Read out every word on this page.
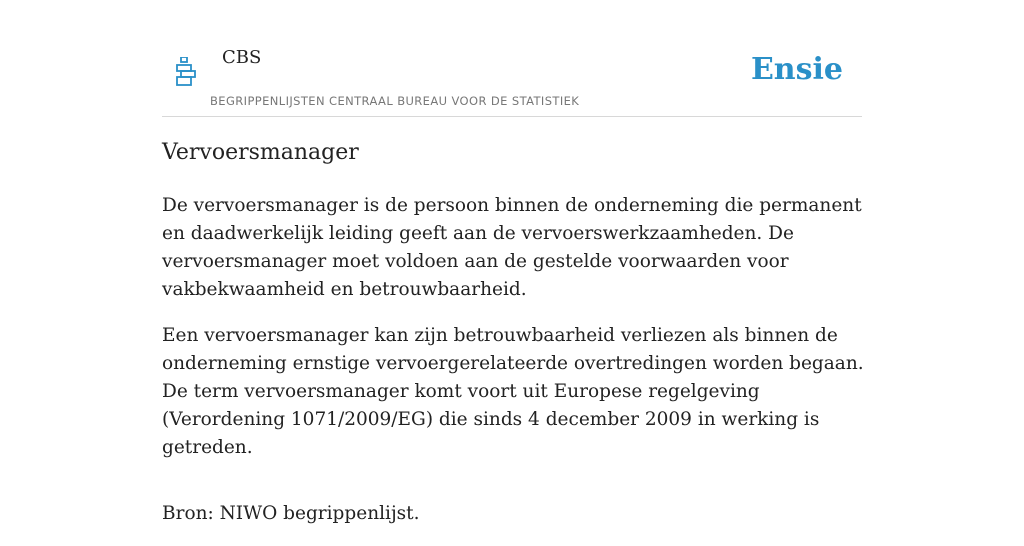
CBS
BEGRIPPENLIJSTEN CENTRAAL BUREAU VOOR DE STATISTIEK
Ensie
Vervoersmanager

De vervoersmanager is de persoon binnen de onderneming die permanent en daadwerkelijk leiding geeft aan de vervoerswerkzaamheden. De vervoersmanager moet voldoen aan de gestelde voorwaarden voor vakbekwaamheid en betrouwbaarheid.

Een vervoersmanager kan zijn betrouwbaarheid verliezen als binnen de onderneming ernstige vervoergerelateerde overtredingen worden begaan. De term vervoersmanager komt voort uit Europese regelgeving (Verordening 1071/2009/EG) die sinds 4 december 2009 in werking is getreden.

Bron: NIWO begrippenlijst.
